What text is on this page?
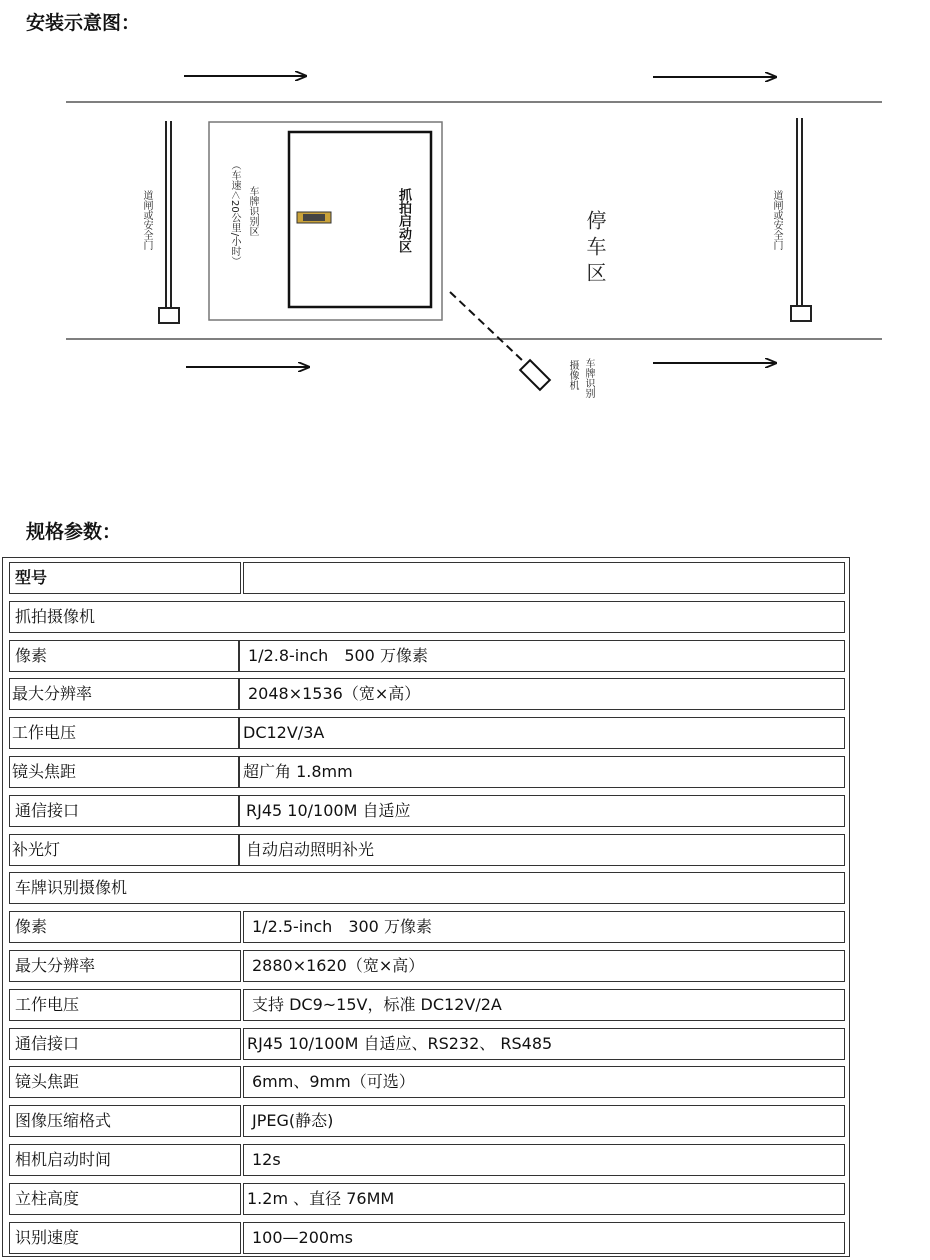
安装示意图：
道闸或安全门	道闸或安全门
车牌识别区
（车速＜20公里/小时）	抓拍启动区	停车区
车牌识别
摄像机
规格参数：
型号
抓拍摄像机
像素	1/2.8-inch　500 万像素
最大分辨率	2048×1536（宽×高）
工作电压	DC12V/3A
镜头焦距	超广角 1.8mm
通信接口	RJ45 10/100M 自适应
补光灯	自动启动照明补光
车牌识别摄像机
像素	1/2.5-inch　300 万像素
最大分辨率	2880×1620（宽×高）
工作电压	支持 DC9~15V，标准 DC12V/2A
通信接口	RJ45 10/100M 自适应、RS232、 RS485
镜头焦距	6mm、9mm（可选）
图像压缩格式	JPEG(静态)
相机启动时间	12s
立柱高度	1.2m 、直径 76MM
识别速度	100—200ms
